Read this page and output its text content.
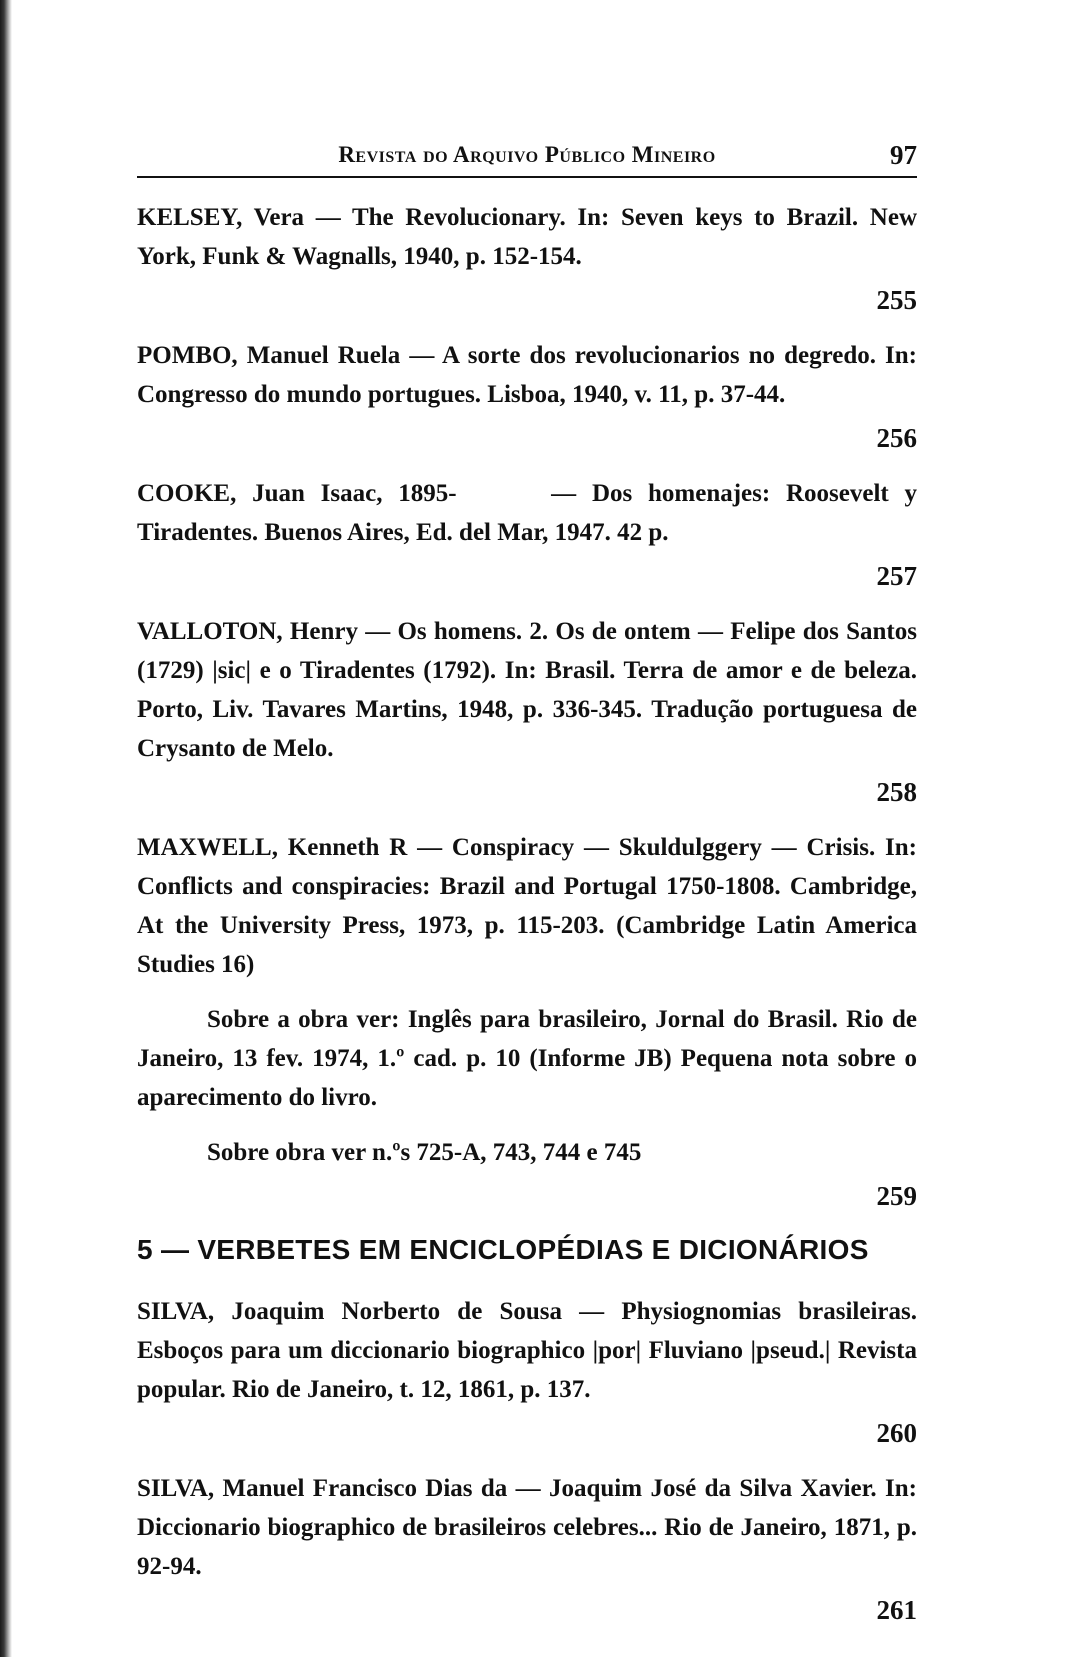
Revista do Arquivo Público Mineiro	97

KELSEY, Vera — The Revolucionary. In: Seven keys to Brazil. New York, Funk & Wagnalls, 1940, p. 152-154.

255

POMBO, Manuel Ruela — A sorte dos revolucionarios no degredo. In: Congresso do mundo portugues. Lisboa, 1940, v. 11, p. 37-44.

256

COOKE, Juan Isaac, 1895-      — Dos homenajes: Roosevelt y Tiradentes. Buenos Aires, Ed. del Mar, 1947. 42 p.

257

VALLOTON, Henry — Os homens. 2. Os de ontem — Felipe dos Santos (1729) |sic| e o Tiradentes (1792). In: Brasil. Terra de amor e de beleza. Porto, Liv. Tavares Martins, 1948, p. 336-345. Tradução portuguesa de Crysanto de Melo.

258

MAXWELL, Kenneth R — Conspiracy — Skuldulggery — Crisis. In: Conflicts and conspiracies: Brazil and Portugal 1750-1808. Cambridge, At the University Press, 1973, p. 115-203. (Cambridge Latin America Studies 16)

Sobre a obra ver: Inglês para brasileiro, Jornal do Brasil. Rio de Janeiro, 13 fev. 1974, 1.º cad. p. 10 (Informe JB) Pequena nota sobre o aparecimento do livro.

Sobre obra ver n.ºs 725-A, 743, 744 e 745

259
5 — VERBETES EM ENCICLOPÉDIAS E DICIONÁRIOS

SILVA, Joaquim Norberto de Sousa — Physiognomias brasileiras. Esboços para um diccionario biographico |por| Fluviano |pseud.| Revista popular. Rio de Janeiro, t. 12, 1861, p. 137.

260

SILVA, Manuel Francisco Dias da — Joaquim José da Silva Xavier. In: Diccionario biographico de brasileiros celebres... Rio de Janeiro, 1871, p. 92-94.

261
